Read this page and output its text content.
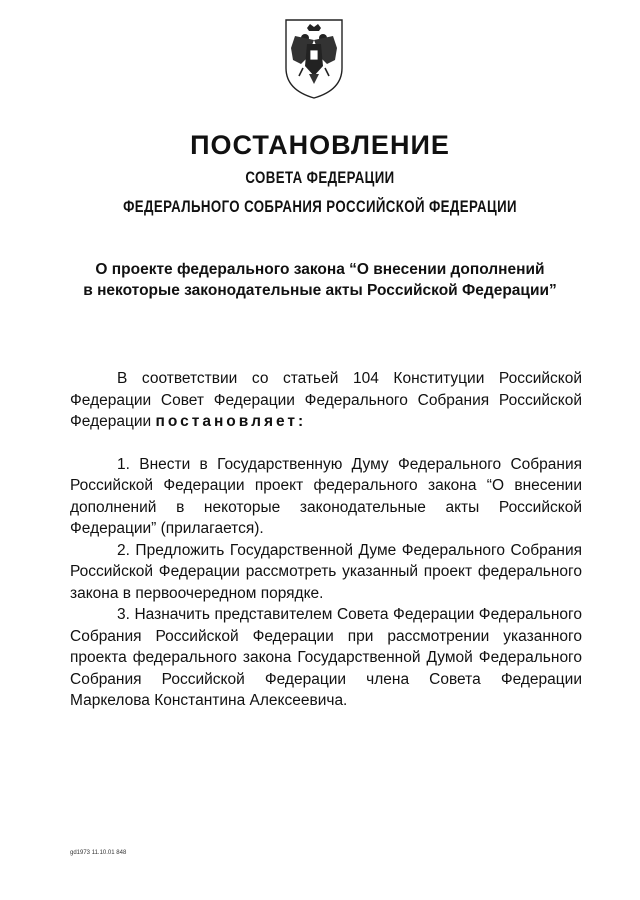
ПОСТАНОВЛЕНИЕ
СОВЕТА ФЕДЕРАЦИИ
ФЕДЕРАЛЬНОГО СОБРАНИЯ РОССИЙСКОЙ ФЕДЕРАЦИИ
О проекте федерального закона “О внесении дополнений
в некоторые законодательные акты Российской Федерации”

В соответствии со статьей 104 Конституции Российской Федерации Совет Федерации Федерального Собрания Российской Федерации постановляет:

1. Внести в Государственную Думу Федерального Собрания Российской Федерации проект федерального закона “О внесении дополнений в некоторые законодательные акты Российской Федерации” (прилагается).

2. Предложить Государственной Думе Федерального Собрания Российской Федерации рассмотреть указанный проект федерального закона в первоочередном порядке.

3. Назначить представителем Совета Федерации Федерального Собрания Российской Федерации при рассмотрении указанного проекта федерального закона Государственной Думой Федерального Собрания Российской Федерации члена Совета Федерации Маркелова Константина Алексеевича.

gd1973 11.10.01 848
